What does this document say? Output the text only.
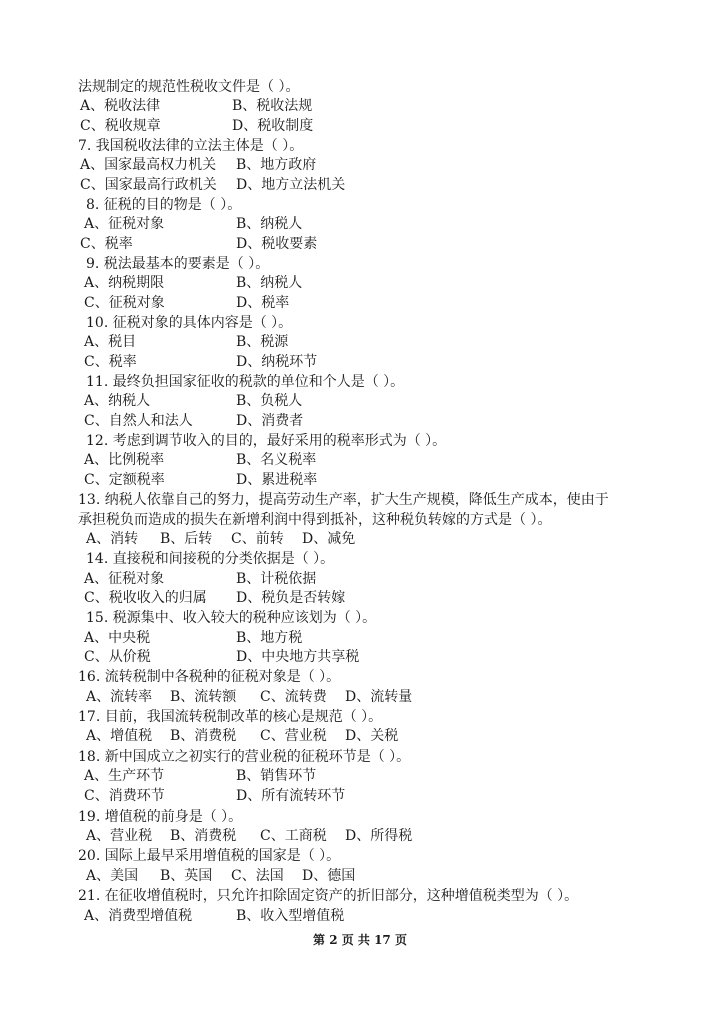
法规制定的规范性税收文件是（ ）。
A、税收法律	B、税收法规
C、税收规章	D、税收制度
7. 我国税收法律的立法主体是（ ）。
A、国家最高权力机关 B、地方政府
C、国家最高行政机关 D、地方立法机关
8. 征税的目的物是（ ）。
A、征税对象	B、纳税人
C、税率	D、税收要素
9. 税法最基本的要素是（ ）。
A、纳税期限	B、纳税人
C、征税对象	D、税率
10. 征税对象的具体内容是（ ）。
A、税目	B、税源
C、税率	D、纳税环节
11. 最终负担国家征收的税款的单位和个人是（ ）。
A、纳税人	B、负税人
C、自然人和法人	D、消费者
12. 考虑到调节收入的目的，最好采用的税率形式为（ ）。
A、比例税率	B、名义税率
C、定额税率	D、累进税率
13. 纳税人依靠自己的努力，提高劳动生产率，扩大生产规模，降低生产成本，使由于
承担税负而造成的损失在新增利润中得到抵补，这种税负转嫁的方式是（ ）。
A、消转 B、后转 C、前转 D、减免
14. 直接税和间接税的分类依据是（ ）。
A、征税对象	B、计税依据
C、税收收入的归属 D、税负是否转嫁
15. 税源集中、收入较大的税种应该划为（ ）。
A、中央税	B、地方税
C、从价税	D、中央地方共享税
16. 流转税制中各税种的征税对象是（ ）。
A、流转率 B、流转额 C、流转费 D、流转量
17. 目前，我国流转税制改革的核心是规范（ ）。
A、增值税 B、消费税 C、营业税 D、关税
18. 新中国成立之初实行的营业税的征税环节是（ ）。
A、生产环节	B、销售环节
C、消费环节	D、所有流转环节
19. 增值税的前身是（ ）。
A、营业税 B、消费税 C、工商税 D、所得税
20. 国际上最早采用增值税的国家是（ ）。
A、美国 B、英国 C、法国 D、德国
21. 在征收增值税时，只允许扣除固定资产的折旧部分，这种增值税类型为（ ）。
A、消费型增值税	B、收入型增值税
第 2 页 共 17 页
